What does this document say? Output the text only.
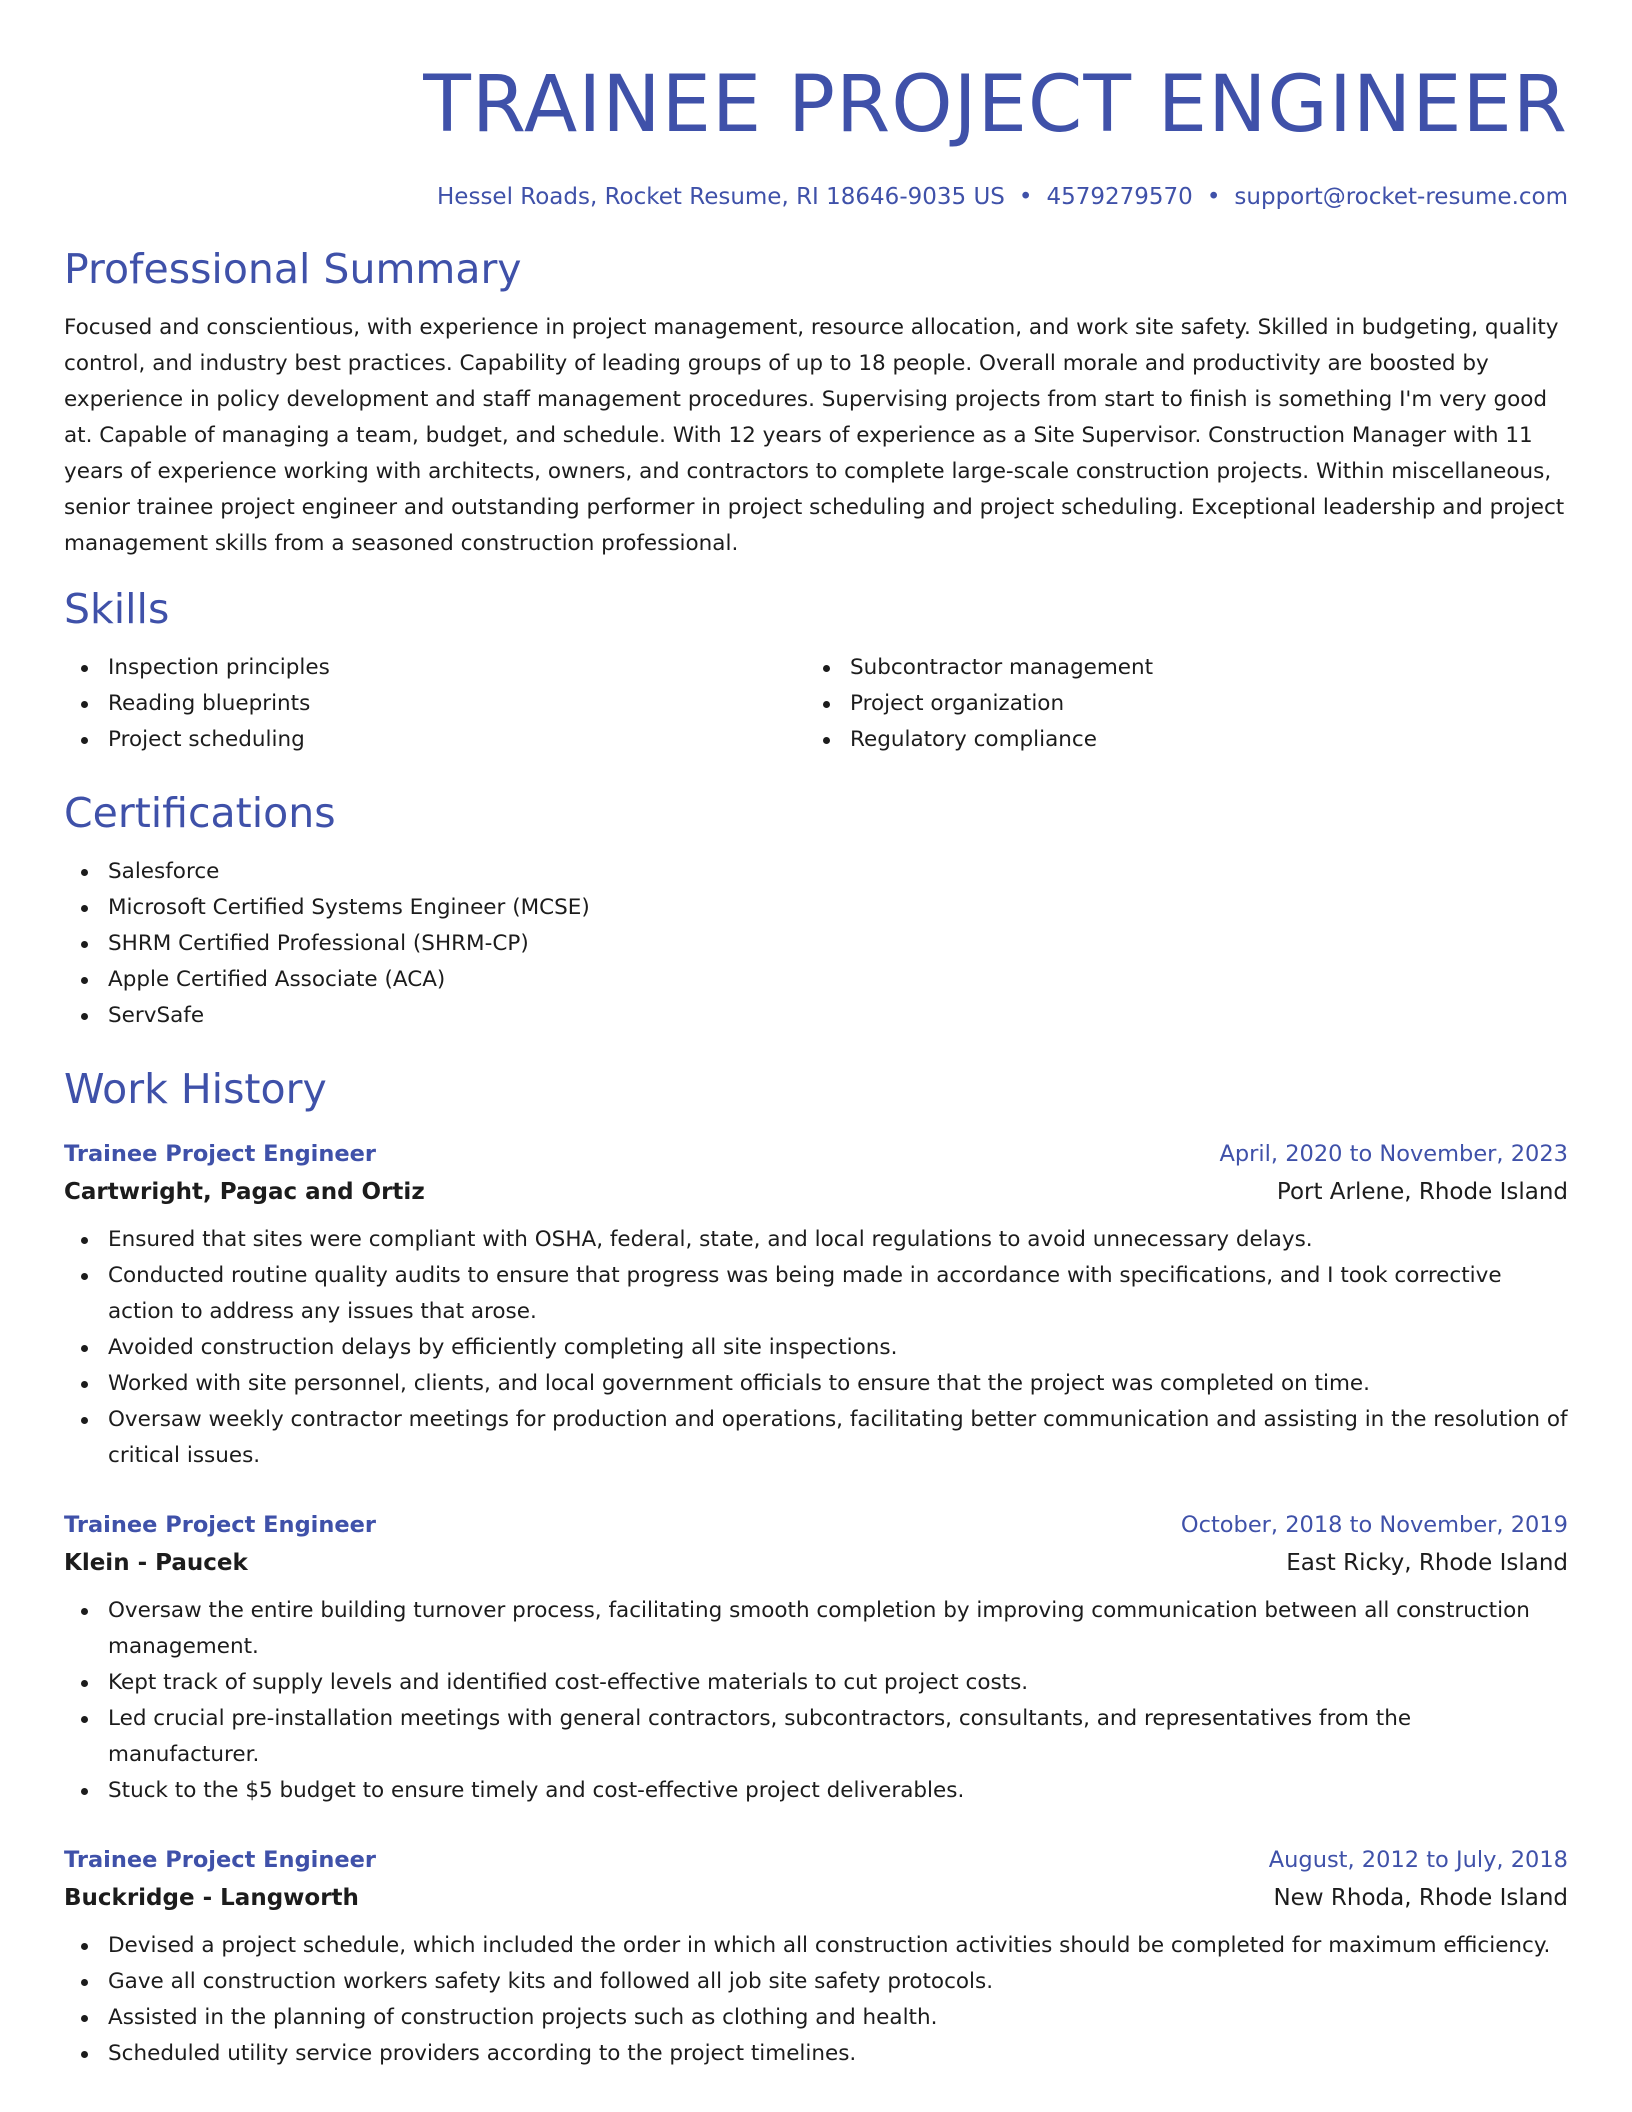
TRAINEE PROJECT ENGINEER
Hessel Roads, Rocket Resume, RI 18646-9035 US • 4579279570 • support@rocket-resume.com
Professional Summary

Focused and conscientious, with experience in project management, resource allocation, and work site safety. Skilled in budgeting, quality control, and industry best practices. Capability of leading groups of up to 18 people. Overall morale and productivity are boosted by experience in policy development and staff management procedures. Supervising projects from start to finish is something I'm very good at. Capable of managing a team, budget, and schedule. With 12 years of experience as a Site Supervisor. Construction Manager with 11 years of experience working with architects, owners, and contractors to complete large-scale construction projects. Within miscellaneous, senior trainee project engineer and outstanding performer in project scheduling and project scheduling. Exceptional leadership and project management skills from a seasoned construction professional.

Skills
Inspection principles
Reading blueprints
Project scheduling
Subcontractor management
Project organization
Regulatory compliance
Certifications
Salesforce
Microsoft Certified Systems Engineer (MCSE)
SHRM Certified Professional (SHRM-CP)
Apple Certified Associate (ACA)
ServSafe
Work History
Trainee Project Engineer	April, 2020 to November, 2023
Cartwright, Pagac and Ortiz	Port Arlene, Rhode Island
Ensured that sites were compliant with OSHA, federal, state, and local regulations to avoid unnecessary delays.
Conducted routine quality audits to ensure that progress was being made in accordance with specifications, and I took corrective action to address any issues that arose.
Avoided construction delays by efficiently completing all site inspections.
Worked with site personnel, clients, and local government officials to ensure that the project was completed on time.
Oversaw weekly contractor meetings for production and operations, facilitating better communication and assisting in the resolution of critical issues.
Trainee Project Engineer	October, 2018 to November, 2019
Klein - Paucek	East Ricky, Rhode Island
Oversaw the entire building turnover process, facilitating smooth completion by improving communication between all construction management.
Kept track of supply levels and identified cost-effective materials to cut project costs.
Led crucial pre-installation meetings with general contractors, subcontractors, consultants, and representatives from the manufacturer.
Stuck to the $5 budget to ensure timely and cost-effective project deliverables.
Trainee Project Engineer	August, 2012 to July, 2018
Buckridge - Langworth	New Rhoda, Rhode Island
Devised a project schedule, which included the order in which all construction activities should be completed for maximum efficiency.
Gave all construction workers safety kits and followed all job site safety protocols.
Assisted in the planning of construction projects such as clothing and health.
Scheduled utility service providers according to the project timelines.
